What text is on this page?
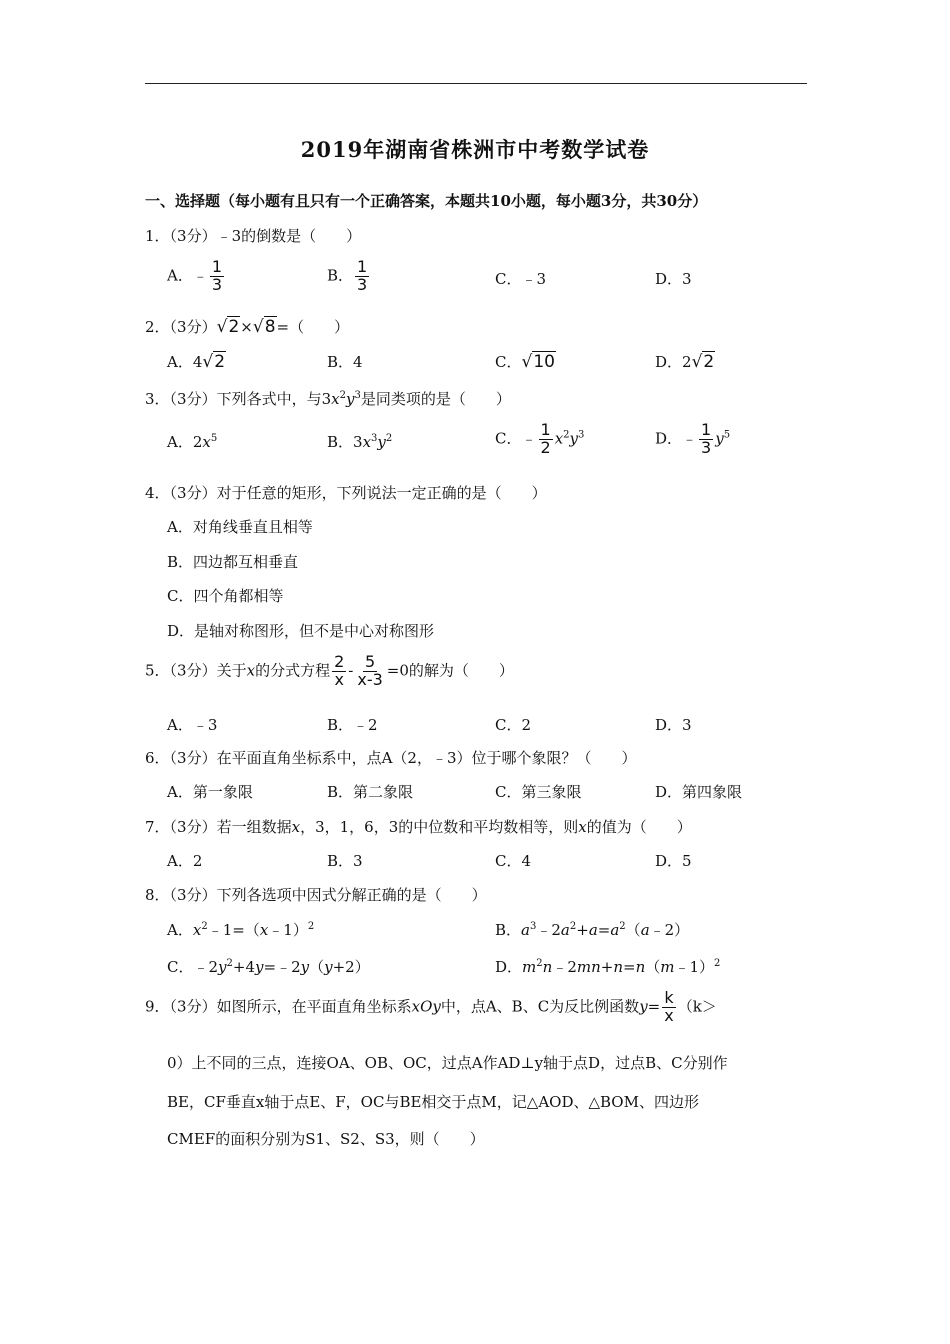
2019年湖南省株洲市中考数学试卷
一、选择题（每小题有且只有一个正确答案，本题共10小题，每小题3分，共30分）
1．（3分）﹣3的倒数是（　　）
A．﹣ $\frac{1}{3}$	B． $\frac{1}{3}$	C．﹣3	D．3
2．（3分）√2×√8=（　　）
A．4√2	B．4	C．√10	D．2√2
3．（3分）下列各式中，与$3x^2y^3$是同类项的是（　　）
A．$2x^5$	B．$3x^3y^2$	C．﹣ $\frac{1}{2} x^2y^3$	D．﹣ $\frac{1}{3} y^5$
4．（3分）对于任意的矩形，下列说法一定正确的是（　　）
A．对角线垂直且相等
B．四边都互相垂直
C．四个角都相等
D．是轴对称图形，但不是中心对称图形
5．（3分）关于x的分式方程 $\frac{2}{x} - \frac{5}{x-3} =0$的解为（　　）
A．﹣3	B．﹣2	C．2	D．3
6．（3分）在平面直角坐标系中，点A（2，﹣3）位于哪个象限？（　　）
A．第一象限	B．第二象限	C．第三象限	D．第四象限
7．（3分）若一组数据x，3，1，6，3的中位数和平均数相等，则x的值为（　　）
A．2	B．3	C．4	D．5
8．（3分）下列各选项中因式分解正确的是（　　）
A．$x^2﹣1=(x﹣1)^2$	B．$a^3﹣2a^2+a=a^2(a﹣2)$
C．$﹣2y^2+4y=﹣2y(y+2)$	D．$m^2n﹣2mn+n=n(m﹣1)^2$
9．（3分）如图所示，在平面直角坐标系xOy中，点A、B、C为反比例函数$y= \frac{k}{x} (k>$
0）上不同的三点，连接OA、OB、OC，过点A作AD⊥y轴于点D，过点B、C分别作
BE，CF垂直x轴于点E、F，OC与BE相交于点M，记△AOD、△BOM、四边形
CMEF的面积分别为S1、S2、S3，则（　　）
